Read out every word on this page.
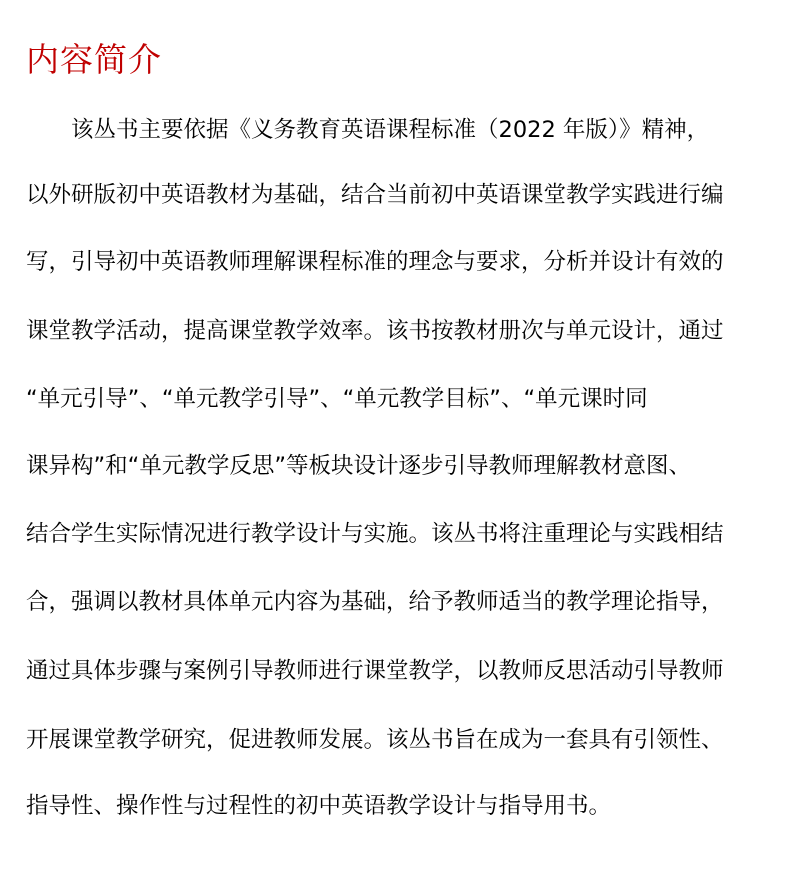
内容简介
该丛书主要依据《义务教育英语课程标准（2022 年版）》精神，
以外研版初中英语教材为基础，结合当前初中英语课堂教学实践进行编
写，引导初中英语教师理解课程标准的理念与要求，分析并设计有效的
课堂教学活动，提高课堂教学效率。该书按教材册次与单元设计，通过
“单元引导”、“单元教学引导”、“单元教学目标”、“单元课时同
课异构”和“单元教学反思”等板块设计逐步引导教师理解教材意图、
结合学生实际情况进行教学设计与实施。该丛书将注重理论与实践相结
合，强调以教材具体单元内容为基础，给予教师适当的教学理论指导，
通过具体步骤与案例引导教师进行课堂教学，以教师反思活动引导教师
开展课堂教学研究，促进教师发展。该丛书旨在成为一套具有引领性、
指导性、操作性与过程性的初中英语教学设计与指导用书。
